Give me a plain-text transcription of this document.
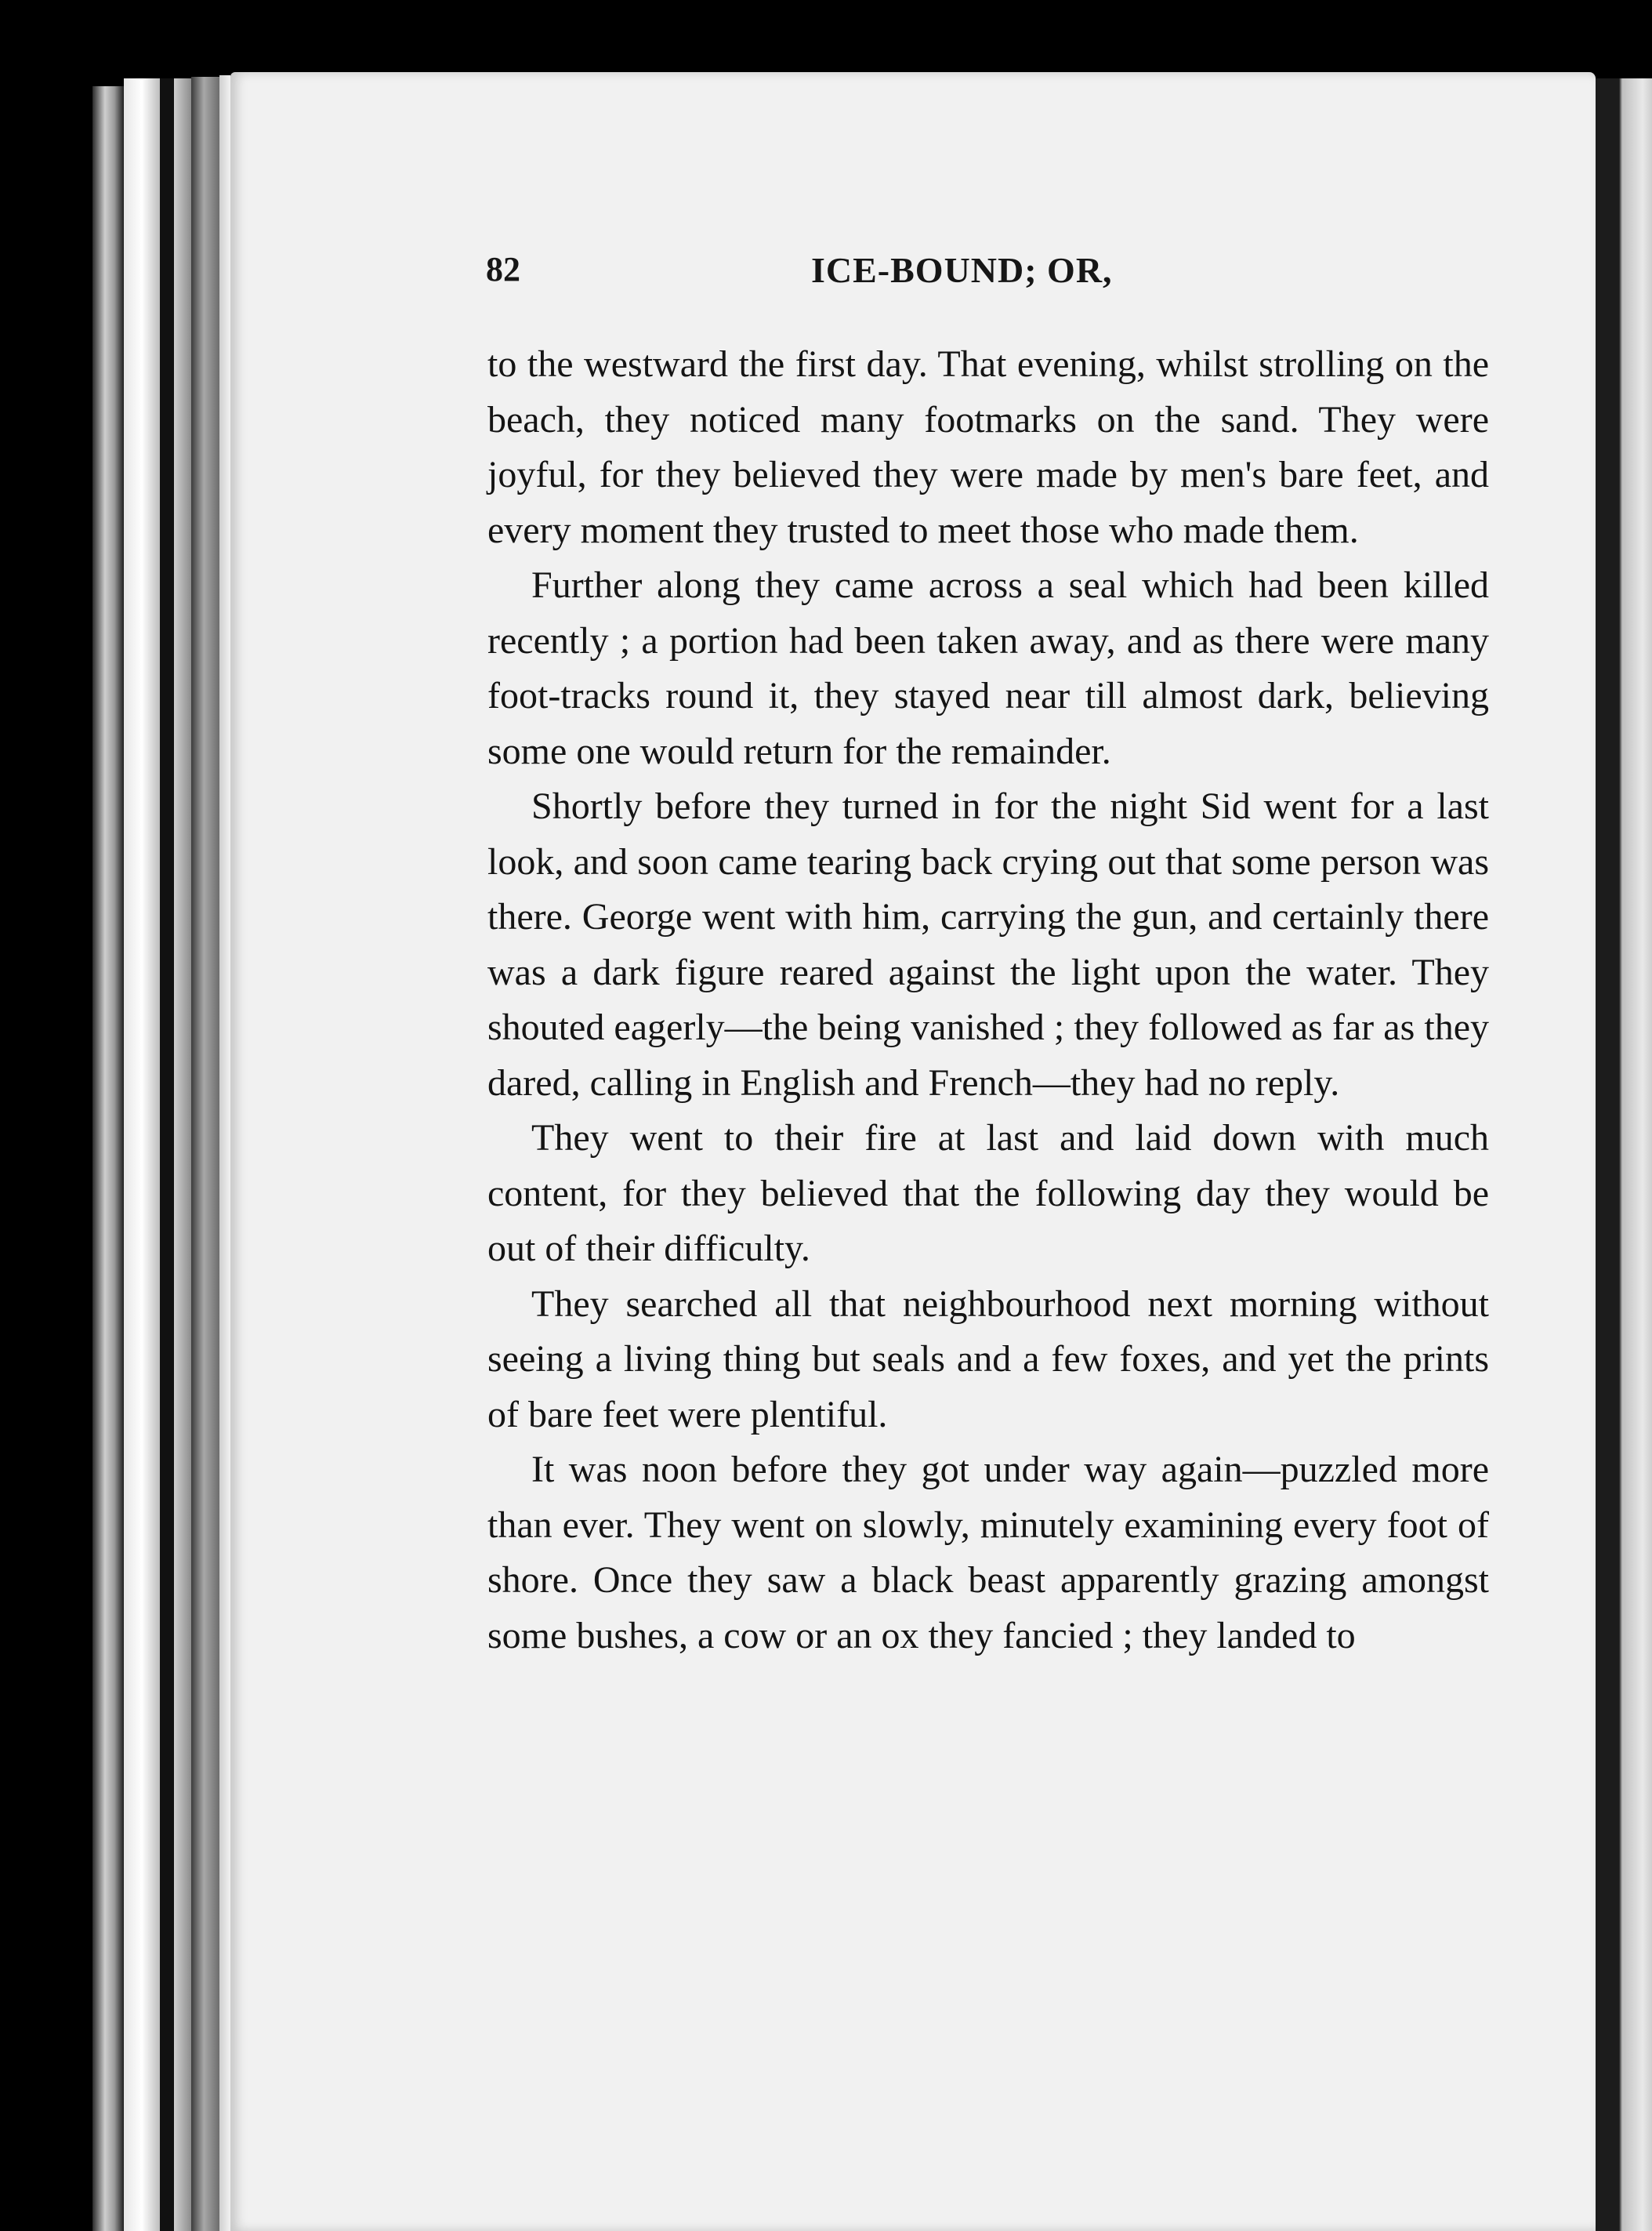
82	ICE-BOUND; OR,

to the westward the first day. That evening, whilst strolling on the beach, they noticed many footmarks on the sand. They were joyful, for they believed they were made by men's bare feet, and every moment they trusted to meet those who made them.

Further along they came across a seal which had been killed recently ; a portion had been taken away, and as there were many foot-tracks round it, they stayed near till almost dark, believing some one would return for the remainder.

Shortly before they turned in for the night Sid went for a last look, and soon came tearing back crying out that some person was there. George went with him, carrying the gun, and certainly there was a dark figure reared against the light upon the water. They shouted eagerly—the being vanished ; they followed as far as they dared, calling in English and French—they had no reply.

They went to their fire at last and laid down with much content, for they believed that the following day they would be out of their difficulty.

They searched all that neighbourhood next morning without seeing a living thing but seals and a few foxes, and yet the prints of bare feet were plentiful.

It was noon before they got under way again—puzzled more than ever. They went on slowly, minutely examining every foot of shore. Once they saw a black beast apparently grazing amongst some bushes, a cow or an ox they fancied ; they landed to
